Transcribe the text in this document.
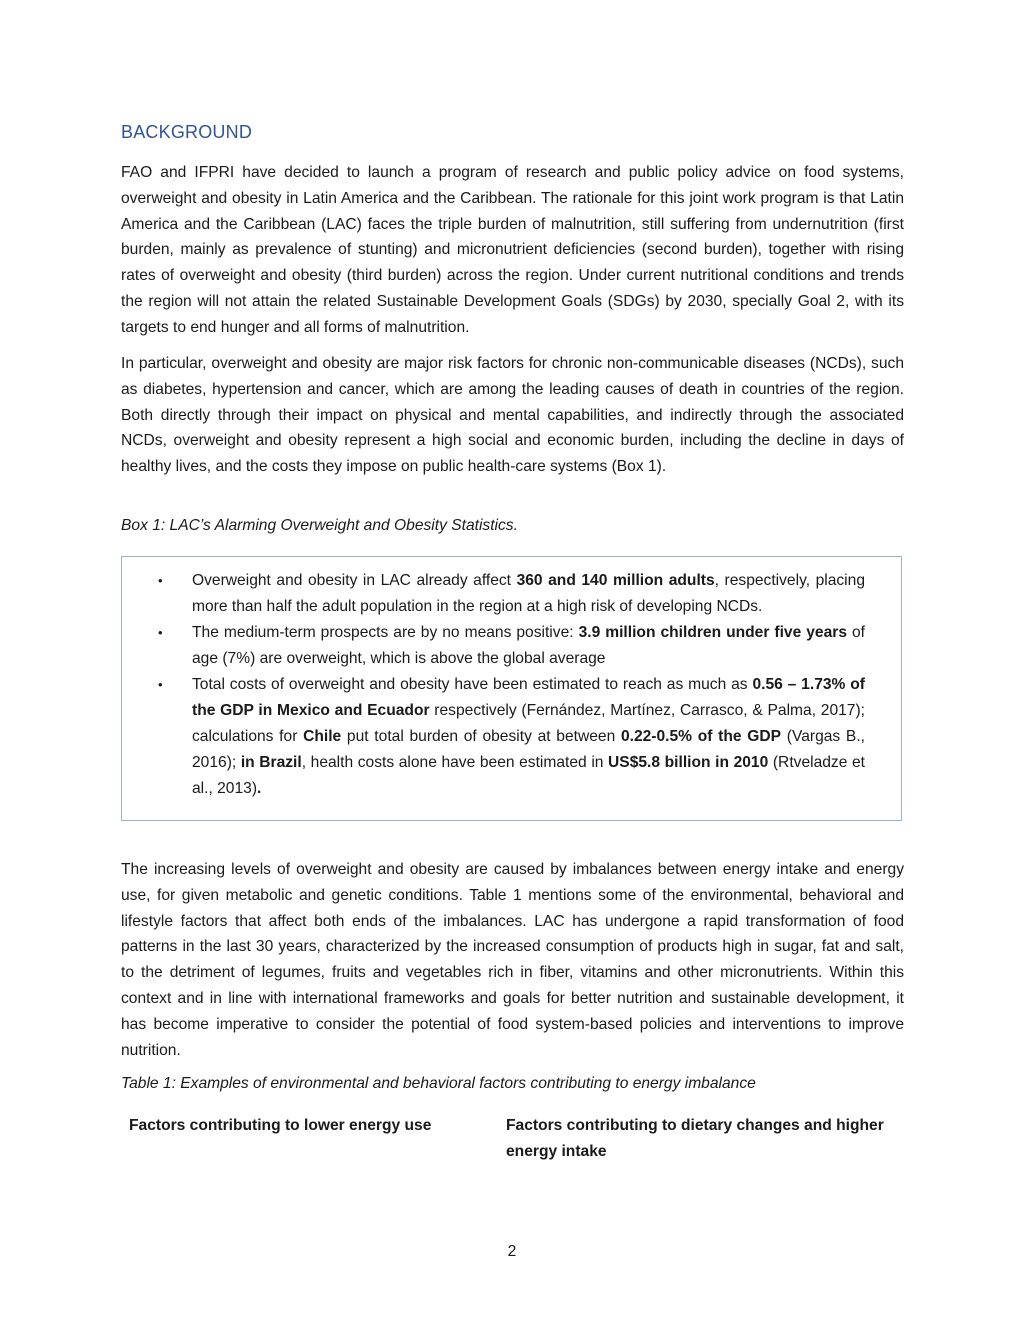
BACKGROUND

FAO and IFPRI have decided to launch a program of research and public policy advice on food systems, overweight and obesity in Latin America and the Caribbean. The rationale for this joint work program is that Latin America and the Caribbean (LAC) faces the triple burden of malnutrition, still suffering from undernutrition (first burden, mainly as prevalence of stunting) and micronutrient deficiencies (second burden), together with rising rates of overweight and obesity (third burden) across the region. Under current nutritional conditions and trends the region will not attain the related Sustainable Development Goals (SDGs) by 2030, specially Goal 2, with its targets to end hunger and all forms of malnutrition.

In particular, overweight and obesity are major risk factors for chronic non-communicable diseases (NCDs), such as diabetes, hypertension and cancer, which are among the leading causes of death in countries of the region. Both directly through their impact on physical and mental capabilities, and indirectly through the associated NCDs, overweight and obesity represent a high social and economic burden, including the decline in days of healthy lives, and the costs they impose on public health-care systems (Box 1).

Box 1: LAC’s Alarming Overweight and Obesity Statistics.

• Overweight and obesity in LAC already affect 360 and 140 million adults, respectively, placing more than half the adult population in the region at a high risk of developing NCDs.
• The medium-term prospects are by no means positive: 3.9 million children under five years of age (7%) are overweight, which is above the global average
• Total costs of overweight and obesity have been estimated to reach as much as 0.56 – 1.73% of the GDP in Mexico and Ecuador respectively (Fernández, Martínez, Carrasco, & Palma, 2017); calculations for Chile put total burden of obesity at between 0.22-0.5% of the GDP (Vargas B., 2016); in Brazil, health costs alone have been estimated in US$5.8 billion in 2010 (Rtveladze et al., 2013).

The increasing levels of overweight and obesity are caused by imbalances between energy intake and energy use, for given metabolic and genetic conditions. Table 1 mentions some of the environmental, behavioral and lifestyle factors that affect both ends of the imbalances. LAC has undergone a rapid transformation of food patterns in the last 30 years, characterized by the increased consumption of products high in sugar, fat and salt, to the detriment of legumes, fruits and vegetables rich in fiber, vitamins and other micronutrients. Within this context and in line with international frameworks and goals for better nutrition and sustainable development, it has become imperative to consider the potential of food system-based policies and interventions to improve nutrition.

Table 1: Examples of environmental and behavioral factors contributing to energy imbalance

Factors contributing to lower energy use	Factors contributing to dietary changes and higher energy intake
2
